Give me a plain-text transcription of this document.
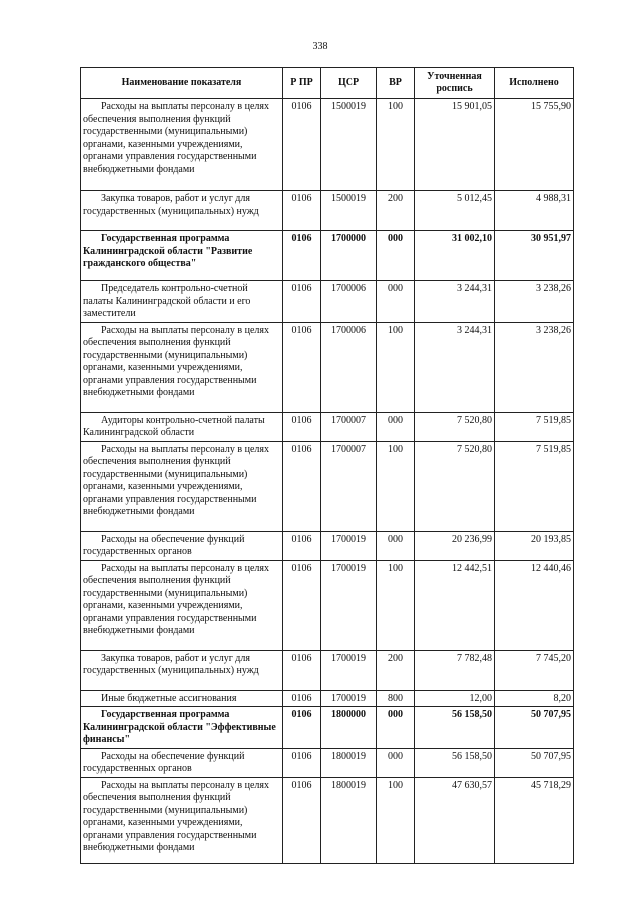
338
Наименование показателя	Р ПР	ЦСР	ВР	Уточненная роспись	Исполнено
Расходы на выплаты персоналу в целях обеспечения выполнения функций государственными (муниципальными) органами, казенными учреждениями, органами управления государственными внебюджетными фондами	0106	1500019	100	15 901,05	15 755,90
Закупка товаров, работ и услуг для государственных (муниципальных) нужд	0106	1500019	200	5 012,45	4 988,31
Государственная программа Калининградской области "Развитие гражданского общества"	0106	1700000	000	31 002,10	30 951,97
Председатель контрольно-счетной палаты Калининградской области и его заместители	0106	1700006	000	3 244,31	3 238,26
Расходы на выплаты персоналу в целях обеспечения выполнения функций государственными (муниципальными) органами, казенными учреждениями, органами управления государственными внебюджетными фондами	0106	1700006	100	3 244,31	3 238,26
Аудиторы контрольно-счетной палаты Калининградской области	0106	1700007	000	7 520,80	7 519,85
Расходы на выплаты персоналу в целях обеспечения выполнения функций государственными (муниципальными) органами, казенными учреждениями, органами управления государственными внебюджетными фондами	0106	1700007	100	7 520,80	7 519,85
Расходы на обеспечение функций государственных органов	0106	1700019	000	20 236,99	20 193,85
Расходы на выплаты персоналу в целях обеспечения выполнения функций государственными (муниципальными) органами, казенными учреждениями, органами управления государственными внебюджетными фондами	0106	1700019	100	12 442,51	12 440,46
Закупка товаров, работ и услуг для государственных (муниципальных) нужд	0106	1700019	200	7 782,48	7 745,20
Иные бюджетные ассигнования	0106	1700019	800	12,00	8,20
Государственная программа Калининградской области "Эффективные финансы"	0106	1800000	000	56 158,50	50 707,95
Расходы на обеспечение функций государственных органов	0106	1800019	000	56 158,50	50 707,95
Расходы на выплаты персоналу в целях обеспечения выполнения функций государственными (муниципальными) органами, казенными учреждениями, органами управления государственными внебюджетными фондами	0106	1800019	100	47 630,57	45 718,29
